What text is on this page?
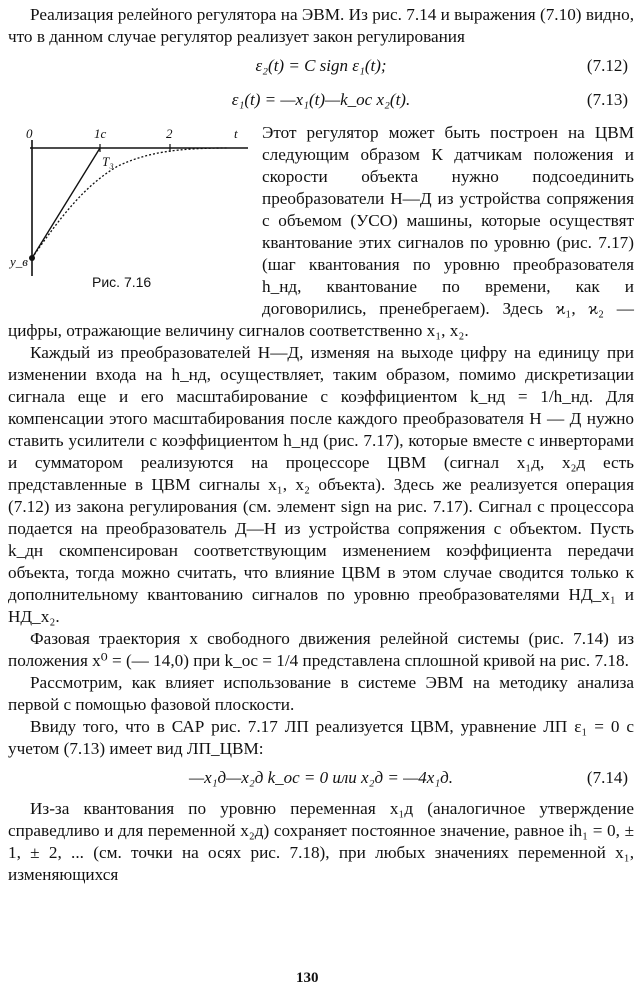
Реализация релейного регулятора на ЭВМ. Из рис. 7.14 и выражения (7.10) видно, что в данном случае регулятор реализует закон регулирования

ε₂(t) = C sign ε₁(t);	(7.12)
ε₁(t) = —x₁(t)—k_oc x₂(t).	(7.13)
0	1c	2	t
T₃
y_в
Рис. 7.16

Этот регулятор может быть построен на ЦВМ следующим образом К датчикам положения и скорости объекта нужно подсоединить преобразователи Н—Д из устройства сопряжения с объемом (УСО) машины, которые осуществят квантование этих сигналов по уровню (рис. 7.17) (шаг квантования по уровню преобразователя h_нд, квантование по времени, как и договорились, пренебрегаем). Здесь ϰ₁, ϰ₂ — цифры, отражающие величину сигналов соответственно x₁, x₂.

Каждый из преобразователей Н—Д, изменяя на выходе цифру на единицу при изменении входа на h_нд, осуществляет, таким образом, помимо дискретизации сигнала еще и его масштабирование с коэффициентом k_нд = 1/h_нд. Для компенсации этого масштабирования после каждого преобразователя Н — Д нужно ставить усилители с коэффициентом h_нд (рис. 7.17), которые вместе с инверторами и сумматором реализуются на процессоре ЦВМ (сигнал x₁д, x₂д есть представленные в ЦВМ сигналы x₁, x₂ объекта). Здесь же реализуется операция (7.12) из закона регулирования (см. элемент sign на рис. 7.17). Сигнал с процессора подается на преобразователь Д—Н из устройства сопряжения с объектом. Пусть k_дн скомпенсирован соответствующим изменением коэффициента передачи объекта, тогда можно считать, что влияние ЦВМ в этом случае сводится только к дополнительному квантованию сигналов по уровню преобразователями НД_x₁ и НД_x₂.

Фазовая траектория x свободного движения релейной системы (рис. 7.14) из положения x⁰ = (— 14,0) при k_oc = 1/4 представлена сплошной кривой на рис. 7.18.

Рассмотрим, как влияет использование в системе ЭВМ на методику анализа первой с помощью фазовой плоскости.

Ввиду того, что в САР рис. 7.17 ЛП реализуется ЦВМ, уравнение ЛП ε₁ = 0 с учетом (7.13) имеет вид ЛП_ЦВМ:

—x₁д—x₂д k_oc = 0 или x₂д = —4x₁д.	(7.14)

Из-за квантования по уровню переменная x₁д (аналогичное утверждение справедливо и для переменной x₂д) сохраняет постоянное значение, равное ih₁ = 0, ± 1, ± 2, ... (см. точки на осях рис. 7.18), при любых значениях переменной x₁, изменяющихся

130
